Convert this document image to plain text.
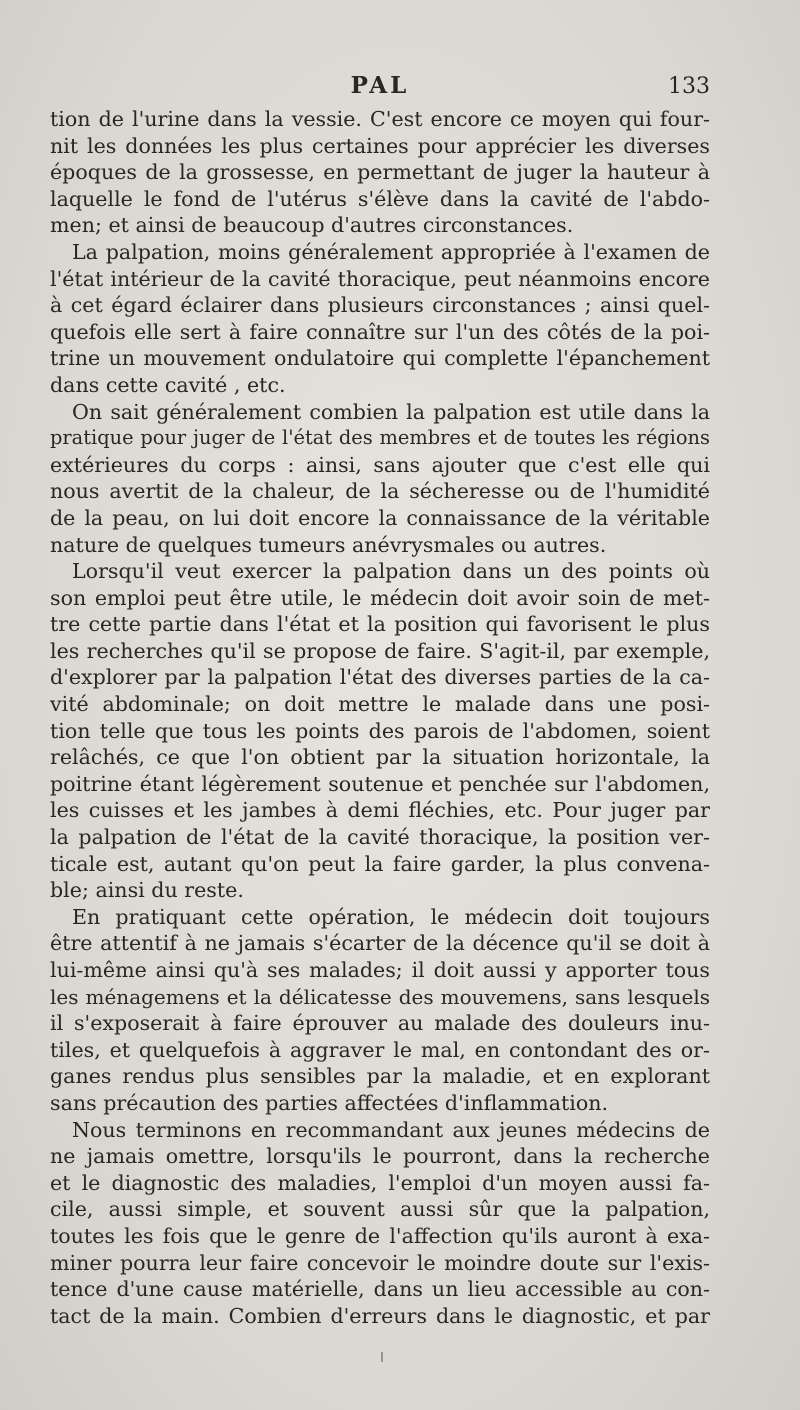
PAL	133
tion de l'urine dans la vessie. C'est encore ce moyen qui four-
nit les données les plus certaines pour apprécier les diverses
époques de la grossesse, en permettant de juger la hauteur à
laquelle le fond de l'utérus s'élève dans la cavité de l'abdo-
men; et ainsi de beaucoup d'autres circonstances.
La palpation, moins généralement appropriée à l'examen de
l'état intérieur de la cavité thoracique, peut néanmoins encore
à cet égard éclairer dans plusieurs circonstances ; ainsi quel-
quefois elle sert à faire connaître sur l'un des côtés de la poi-
trine un mouvement ondulatoire qui complette l'épanchement
dans cette cavité , etc.
On sait généralement combien la palpation est utile dans la
pratique pour juger de l'état des membres et de toutes les régions
extérieures du corps : ainsi, sans ajouter que c'est elle qui
nous avertit de la chaleur, de la sécheresse ou de l'humidité
de la peau, on lui doit encore la connaissance de la véritable
nature de quelques tumeurs anévrysmales ou autres.
Lorsqu'il veut exercer la palpation dans un des points où
son emploi peut être utile, le médecin doit avoir soin de met-
tre cette partie dans l'état et la position qui favorisent le plus
les recherches qu'il se propose de faire. S'agit-il, par exemple,
d'explorer par la palpation l'état des diverses parties de la ca-
vité abdominale; on doit mettre le malade dans une posi-
tion telle que tous les points des parois de l'abdomen, soient
relâchés, ce que l'on obtient par la situation horizontale, la
poitrine étant légèrement soutenue et penchée sur l'abdomen,
les cuisses et les jambes à demi fléchies, etc. Pour juger par
la palpation de l'état de la cavité thoracique, la position ver-
ticale est, autant qu'on peut la faire garder, la plus convena-
ble; ainsi du reste.
En pratiquant cette opération, le médecin doit toujours
être attentif à ne jamais s'écarter de la décence qu'il se doit à
lui-même ainsi qu'à ses malades; il doit aussi y apporter tous
les ménagemens et la délicatesse des mouvemens, sans lesquels
il s'exposerait à faire éprouver au malade des douleurs inu-
tiles, et quelquefois à aggraver le mal, en contondant des or-
ganes rendus plus sensibles par la maladie, et en explorant
sans précaution des parties affectées d'inflammation.
Nous terminons en recommandant aux jeunes médecins de
ne jamais omettre, lorsqu'ils le pourront, dans la recherche
et le diagnostic des maladies, l'emploi d'un moyen aussi fa-
cile, aussi simple, et souvent aussi sûr que la palpation,
toutes les fois que le genre de l'affection qu'ils auront à exa-
miner pourra leur faire concevoir le moindre doute sur l'exis-
tence d'une cause matérielle, dans un lieu accessible au con-
tact de la main. Combien d'erreurs dans le diagnostic, et par
